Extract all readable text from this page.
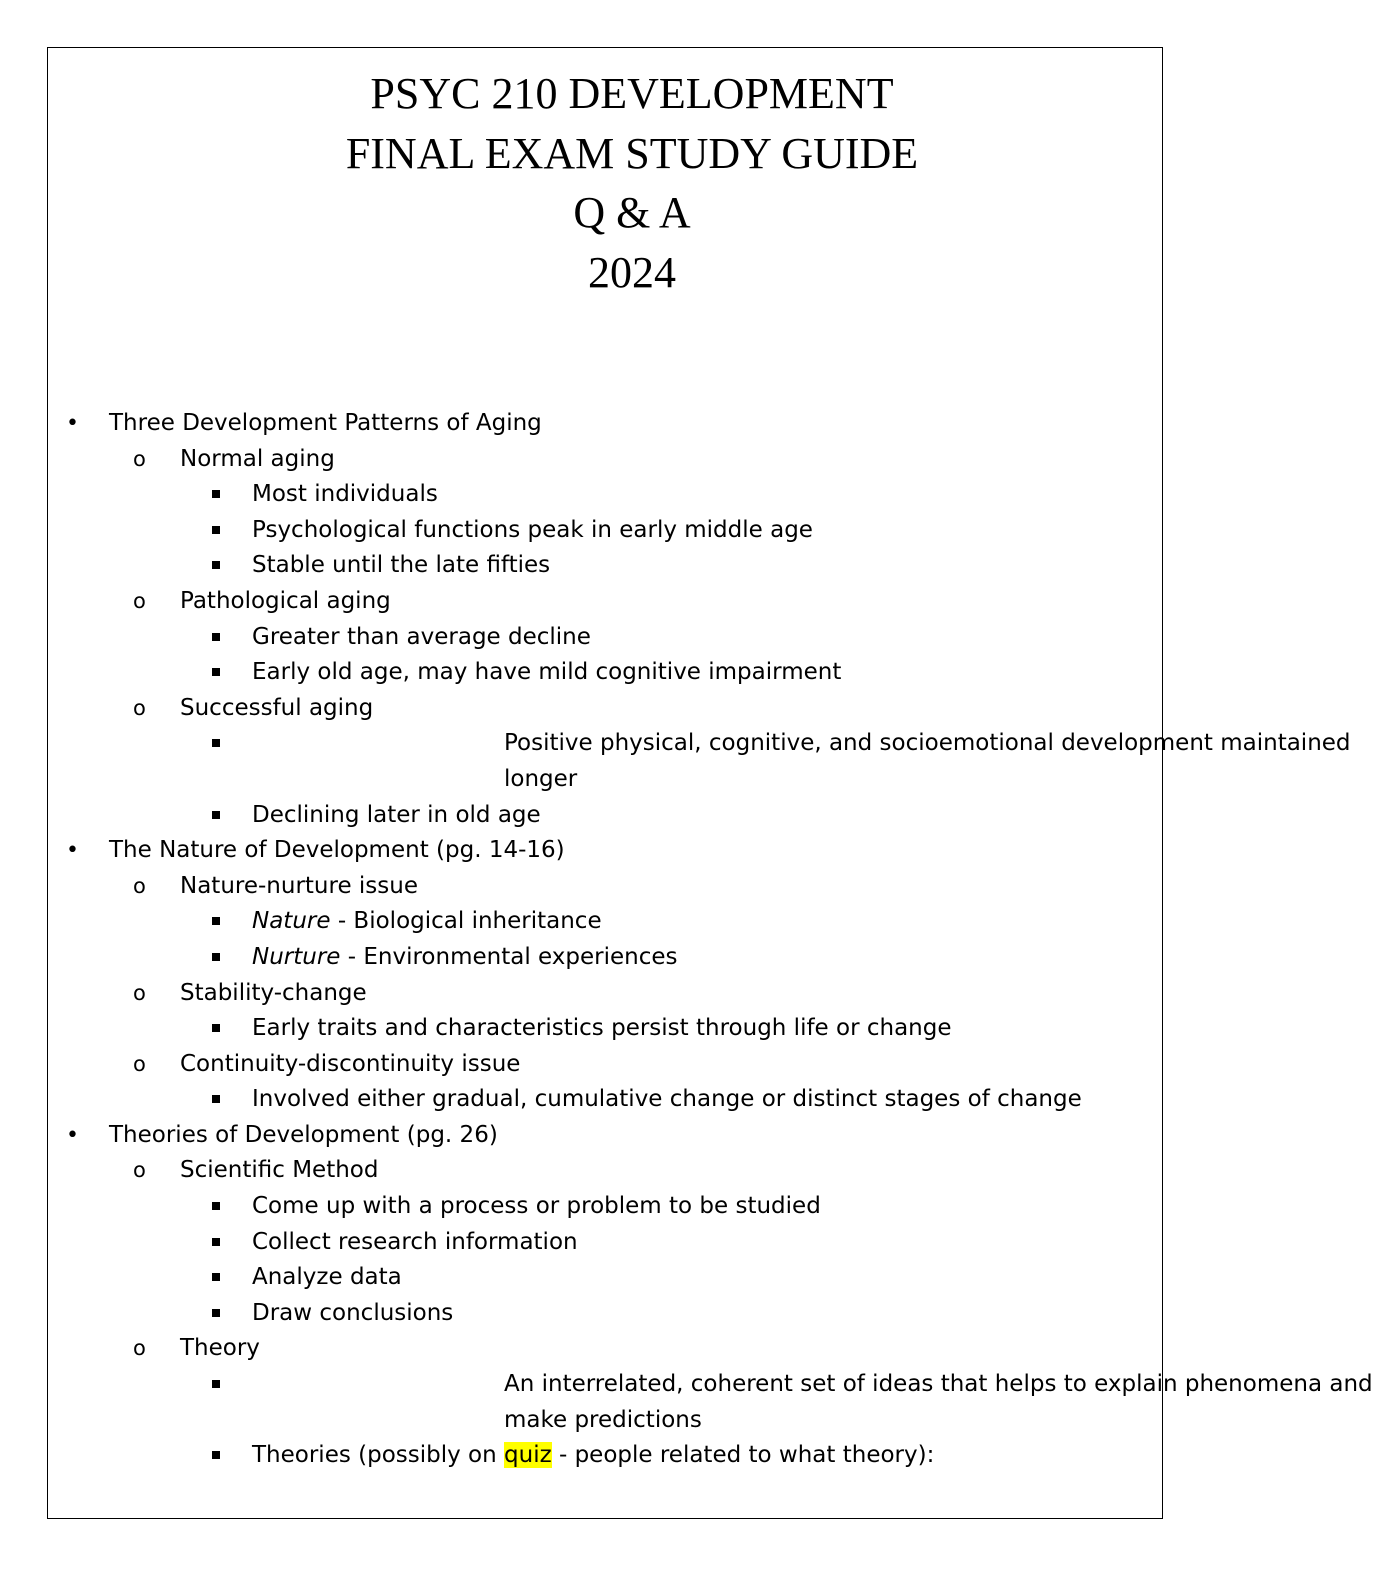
PSYC 210 DEVELOPMENT
FINAL EXAM STUDY GUIDE
Q & A
2024
• Three Development Patterns of Aging
o Normal aging
Most individuals
Psychological functions peak in early middle age
Stable until the late fifties
o Pathological aging
Greater than average decline
Early old age, may have mild cognitive impairment
o Successful aging
Positive physical, cognitive, and socioemotional development maintained longer
Declining later in old age
• The Nature of Development (pg. 14-16)
o Nature-nurture issue
Nature - Biological inheritance
Nurture - Environmental experiences
o Stability-change
Early traits and characteristics persist through life or change
o Continuity-discontinuity issue
Involved either gradual, cumulative change or distinct stages of change
• Theories of Development (pg. 26)
o Scientific Method
Come up with a process or problem to be studied
Collect research information
Analyze data
Draw conclusions
o Theory
An interrelated, coherent set of ideas that helps to explain phenomena and make predictions
Theories (possibly on quiz - people related to what theory):
